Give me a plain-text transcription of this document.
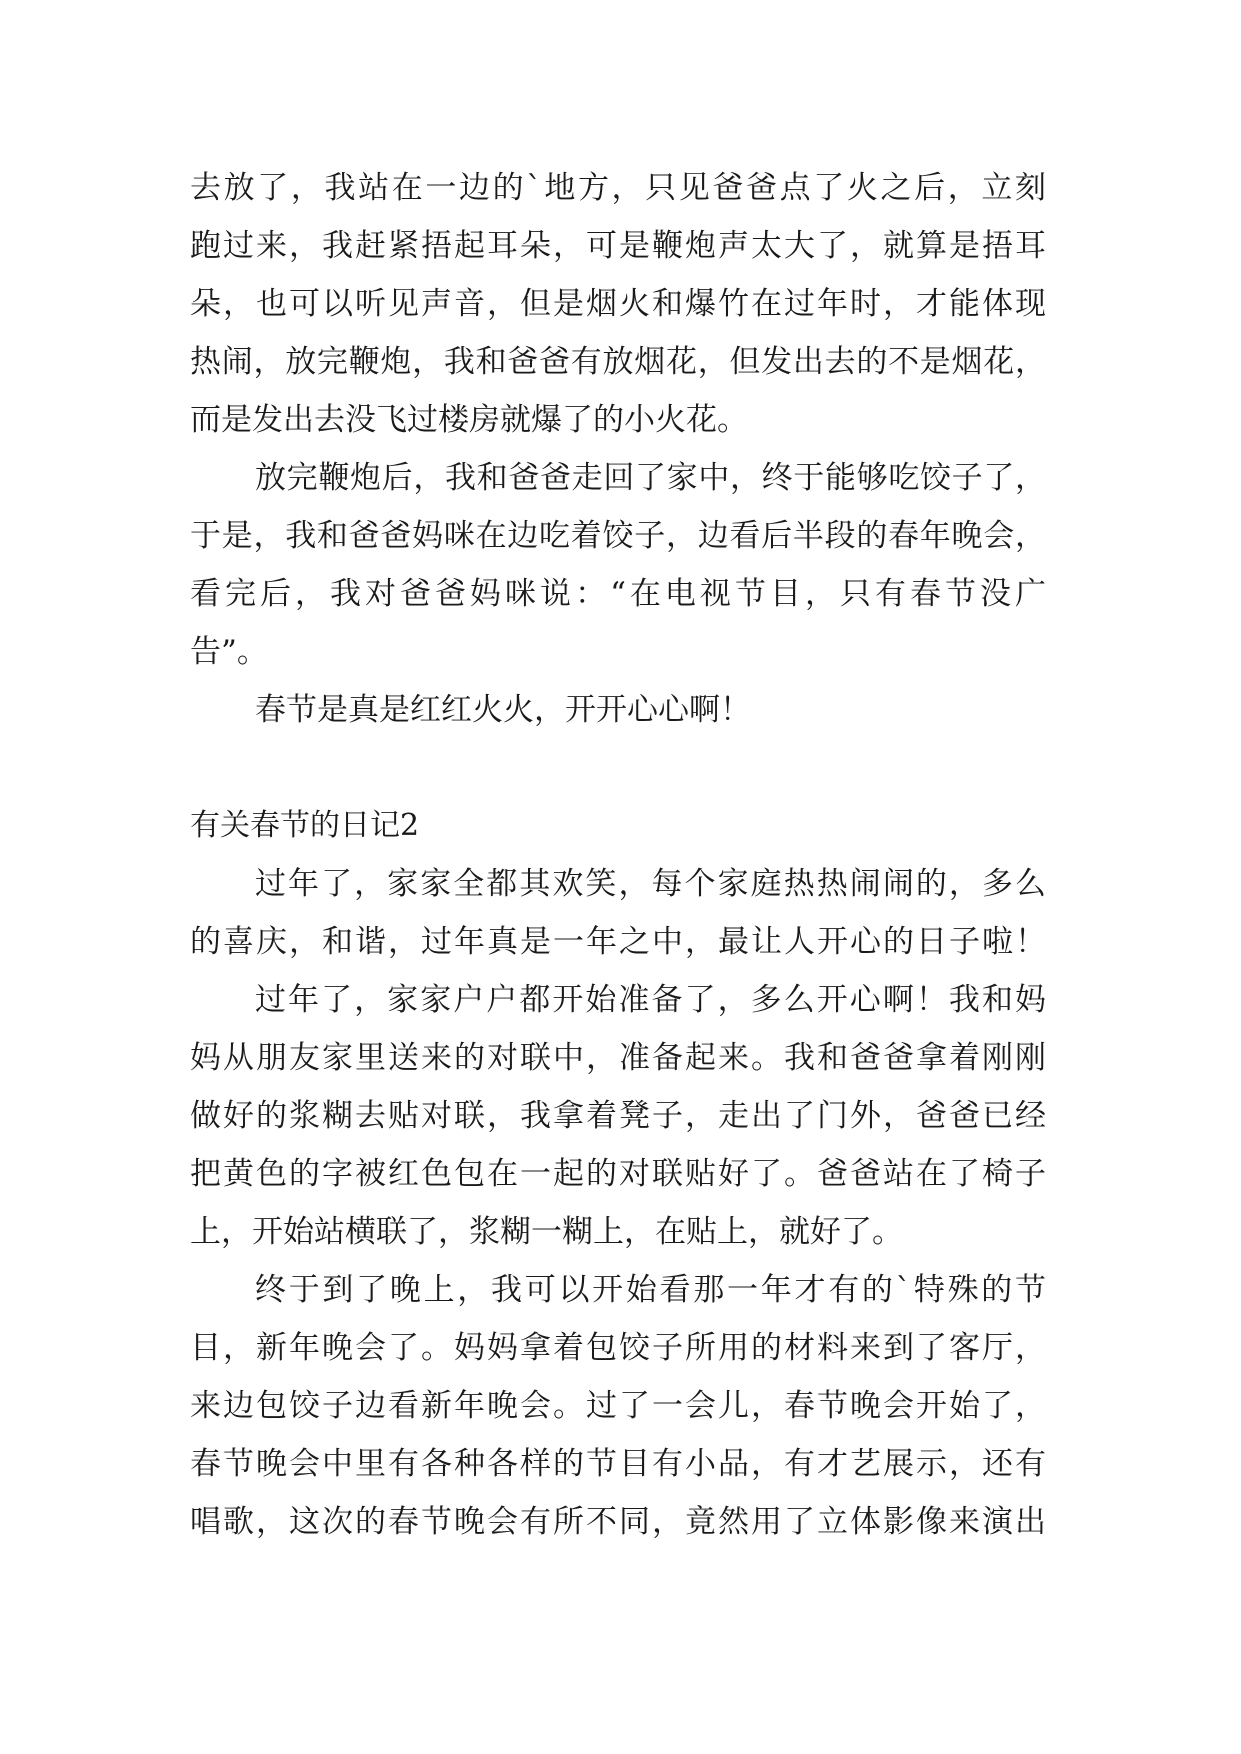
去放了，我站在一边的`地方，只见爸爸点了火之后，立刻
跑过来，我赶紧捂起耳朵，可是鞭炮声太大了，就算是捂耳
朵，也可以听见声音，但是烟火和爆竹在过年时，才能体现
热闹，放完鞭炮，我和爸爸有放烟花，但发出去的不是烟花，
而是发出去没飞过楼房就爆了的小火花。
放完鞭炮后，我和爸爸走回了家中，终于能够吃饺子了，
于是，我和爸爸妈咪在边吃着饺子，边看后半段的春年晚会，
看完后，我对爸爸妈咪说：“在电视节目，只有春节没广
告”。
春节是真是红红火火，开开心心啊！
有关春节的日记2
过年了，家家全都其欢笑，每个家庭热热闹闹的，多么
的喜庆，和谐，过年真是一年之中，最让人开心的日子啦！
过年了，家家户户都开始准备了，多么开心啊！我和妈
妈从朋友家里送来的对联中，准备起来。我和爸爸拿着刚刚
做好的浆糊去贴对联，我拿着凳子，走出了门外，爸爸已经
把黄色的字被红色包在一起的对联贴好了。爸爸站在了椅子
上，开始站横联了，浆糊一糊上，在贴上，就好了。
终于到了晚上，我可以开始看那一年才有的`特殊的节
目，新年晚会了。妈妈拿着包饺子所用的材料来到了客厅，
来边包饺子边看新年晚会。过了一会儿，春节晚会开始了，
春节晚会中里有各种各样的节目有小品，有才艺展示，还有
唱歌，这次的春节晚会有所不同，竟然用了立体影像来演出
